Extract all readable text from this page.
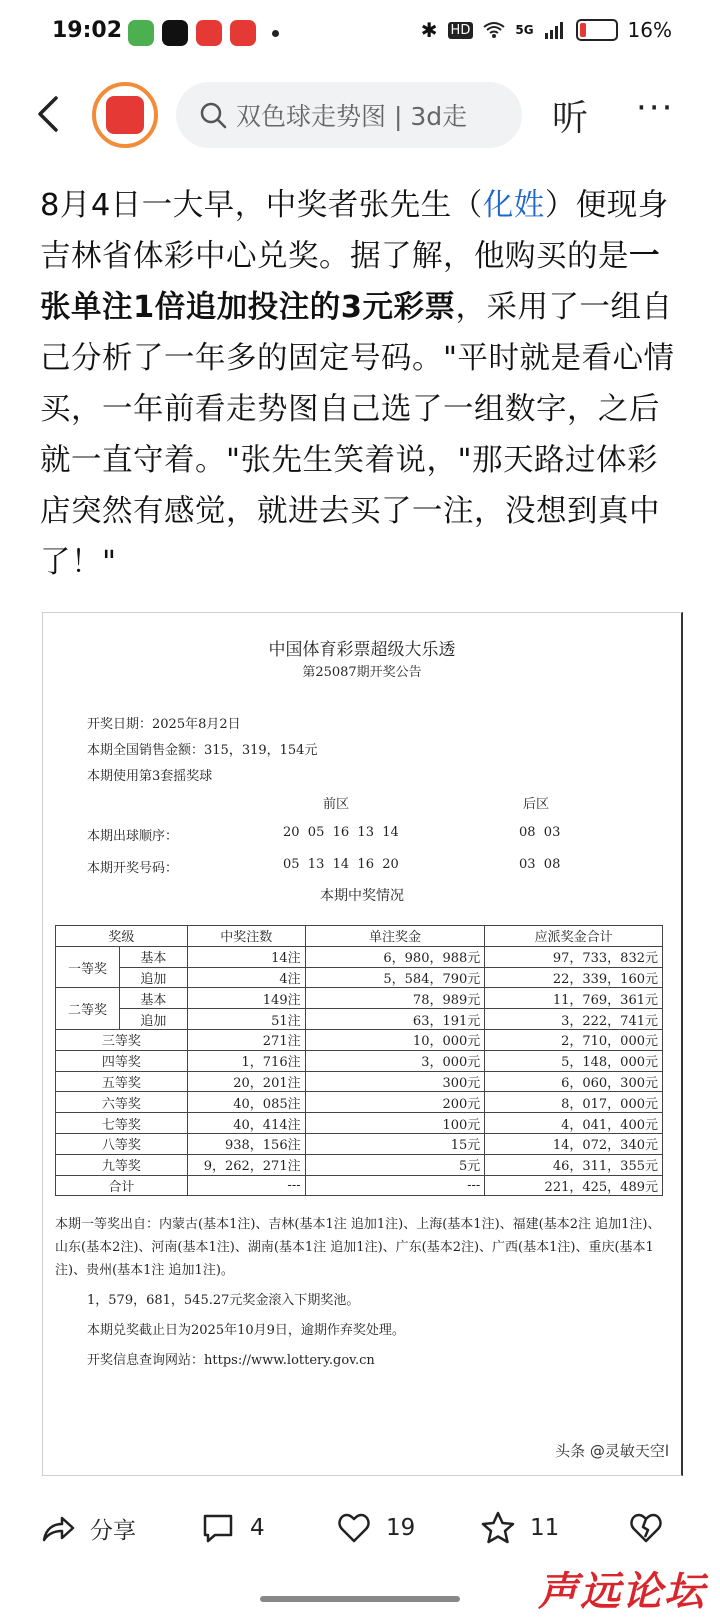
19:02	✱ HD	5G	16%
双色球走势图 | 3d走 听 ···
8月4日一大早，中奖者张先生（化姓）便现身吉林省体彩中心兑奖。据了解，他购买的是一张单注1倍追加投注的3元彩票，采用了一组自己分析了一年多的固定号码。"平时就是看心情买，一年前看走势图自己选了一组数字，之后就一直守着。"张先生笑着说，"那天路过体彩店突然有感觉，就进去买了一注，没想到真中了！"
中国体育彩票超级大乐透
第25087期开奖公告
开奖日期：2025年8月2日
本期全国销售金额：315，319，154元
本期使用第3套摇奖球
前区	后区
本期出球顺序：	20  05  16  13  14	08  03
本期开奖号码：	05  13  14  16  20	03  08
本期中奖情况
奖级		中奖注数	单注奖金	应派奖金合计
一等奖	基本	14注	6，980，988元	97，733，832元
	追加	4注	5，584，790元	22，339，160元
二等奖	基本	149注	78，989元	11，769，361元
	追加	51注	63，191元	3，222，741元
三等奖		271注	10，000元	2，710，000元
四等奖		1，716注	3，000元	5，148，000元
五等奖		20，201注	300元	6，060，300元
六等奖		40，085注	200元	8，017，000元
七等奖		40，414注	100元	4，041，400元
八等奖		938，156注	15元	14，072，340元
九等奖		9，262，271注	5元	46，311，355元
合计		---	---	221，425，489元
本期一等奖出自：内蒙古(基本1注)、吉林(基本1注 追加1注)、上海(基本1注)、福建(基本2注 追加1注)、山东(基本2注)、河南(基本1注)、湖南(基本1注 追加1注)、广东(基本2注)、广西(基本1注)、重庆(基本1注)、贵州(基本1注 追加1注)。
1，579，681，545.27元奖金滚入下期奖池。
本期兑奖截止日为2025年10月9日，逾期作弃奖处理。
开奖信息查询网站：https://www.lottery.gov.cn
头条 @灵敏天空l
分享	4	19	11
声远论坛
